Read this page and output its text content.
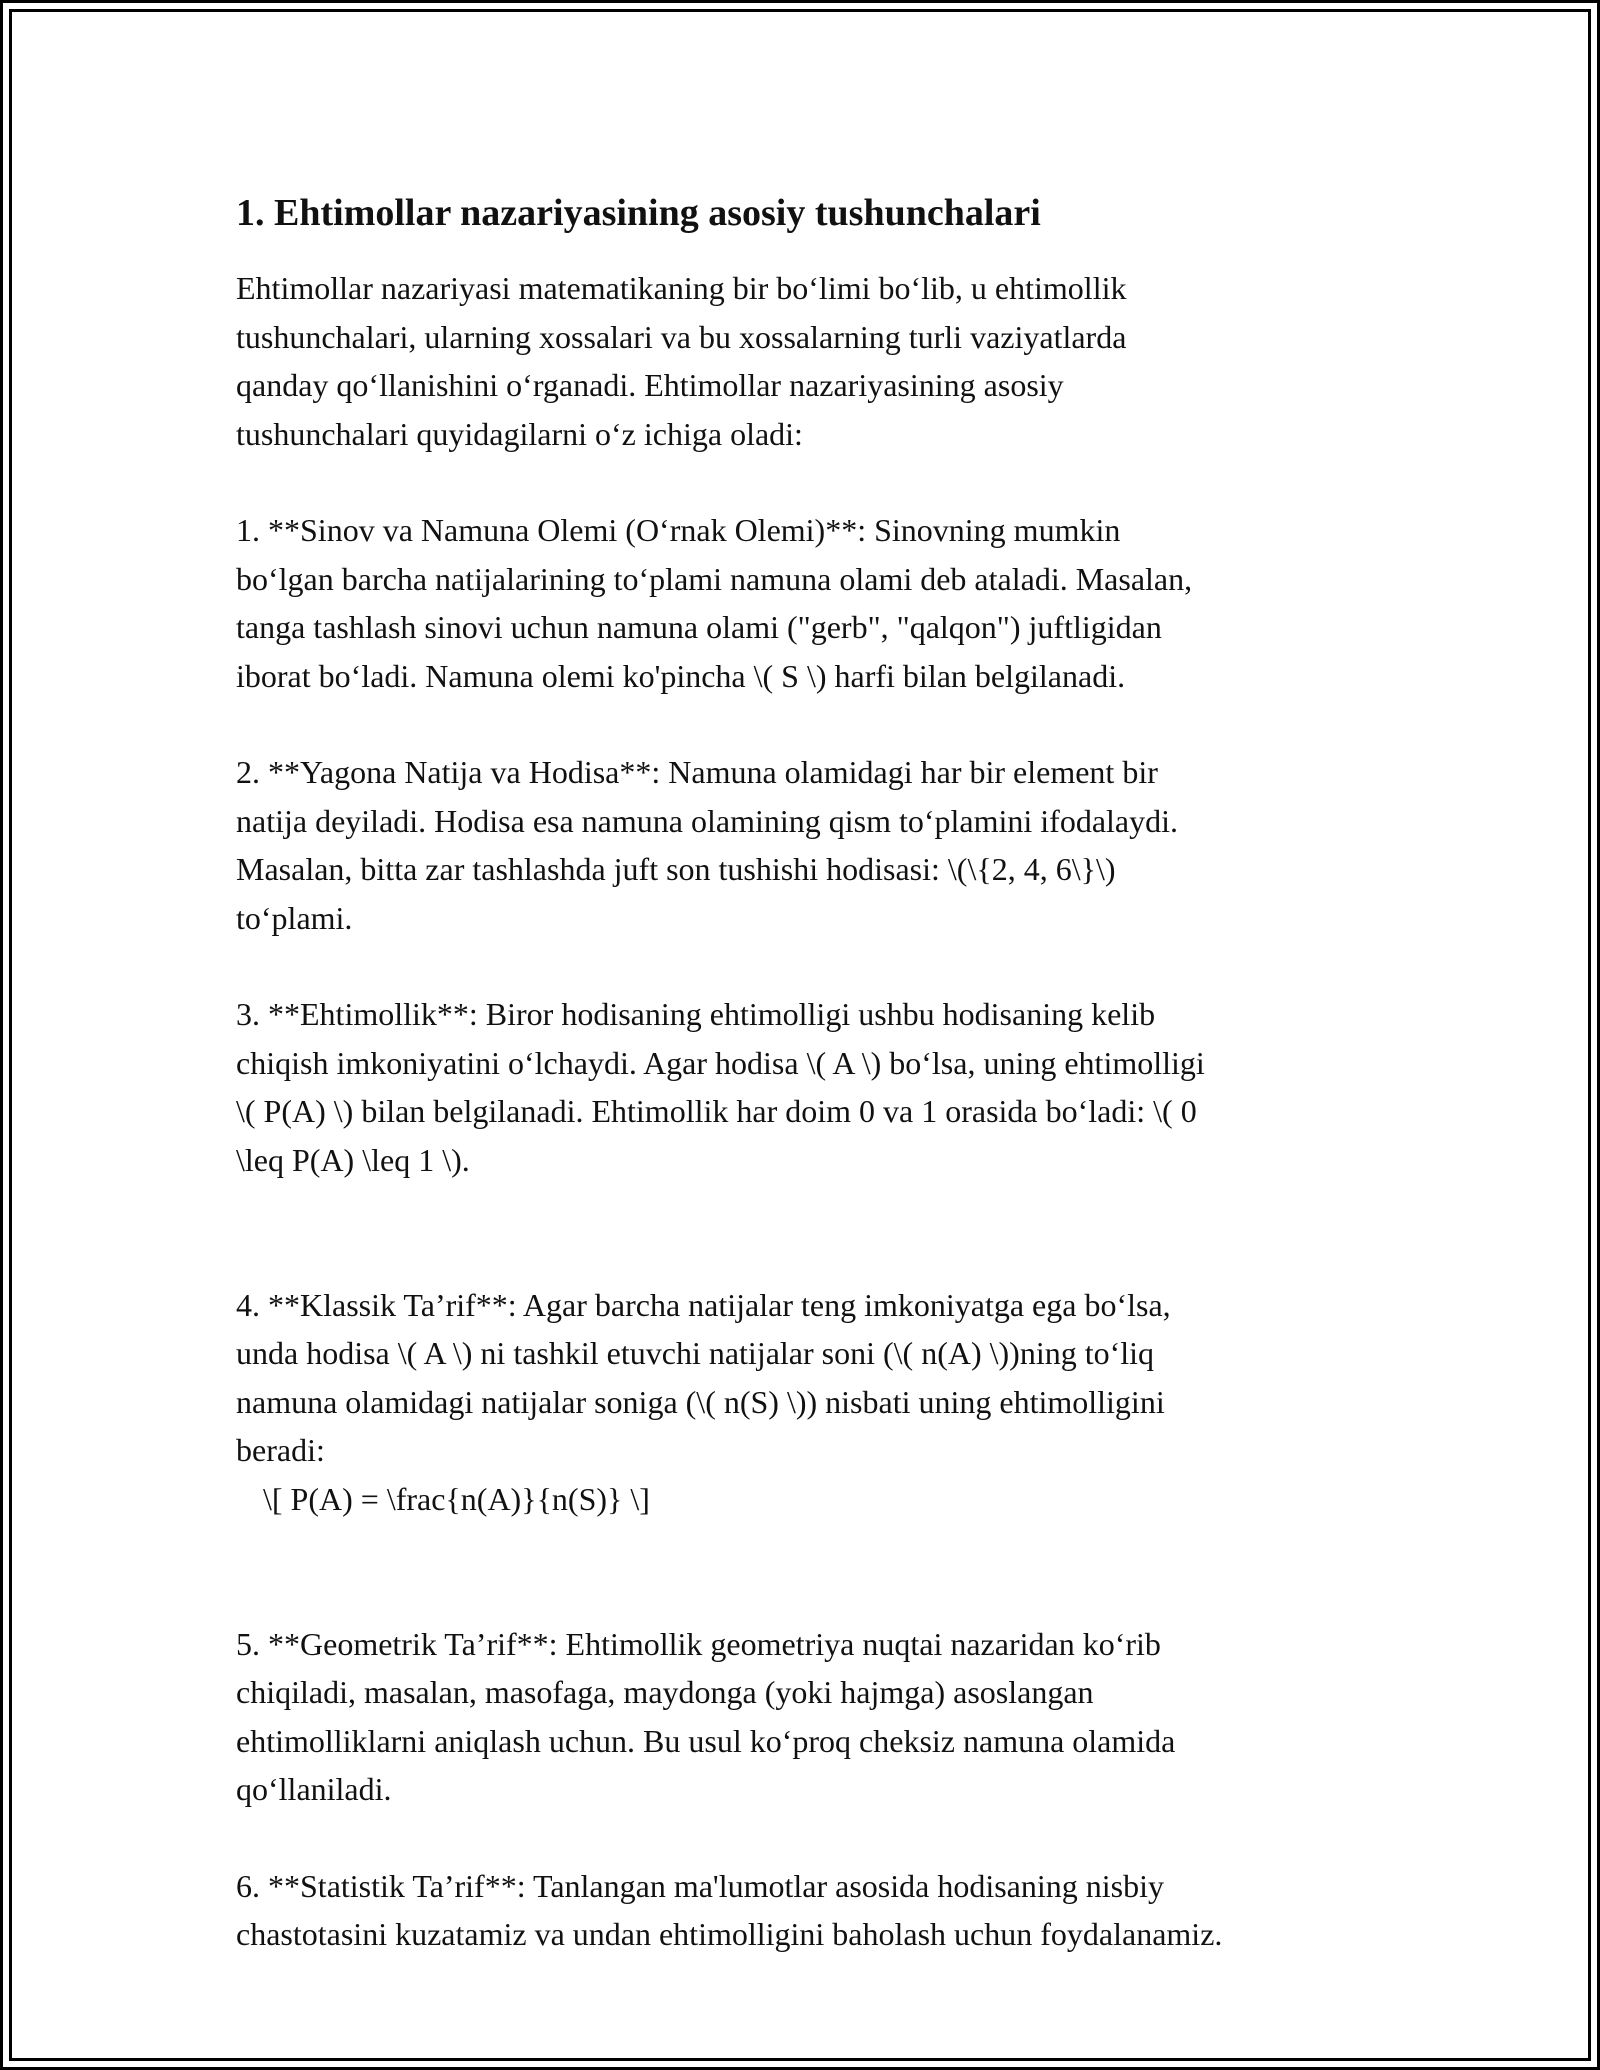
1. Ehtimollar nazariyasining asosiy tushunchalari

Ehtimollar nazariyasi matematikaning bir bo‘limi bo‘lib, u ehtimollik
tushunchalari, ularning xossalari va bu xossalarning turli vaziyatlarda
qanday qo‘llanishini o‘rganadi. Ehtimollar nazariyasining asosiy
tushunchalari quyidagilarni o‘z ichiga oladi:

1. **Sinov va Namuna Olemi (O‘rnak Olemi)**: Sinovning mumkin
bo‘lgan barcha natijalarining to‘plami namuna olami deb ataladi. Masalan,
tanga tashlash sinovi uchun namuna olami ("gerb", "qalqon") juftligidan
iborat bo‘ladi. Namuna olemi ko'pincha \( S \) harfi bilan belgilanadi.

2. **Yagona Natija va Hodisa**: Namuna olamidagi har bir element bir
natija deyiladi. Hodisa esa namuna olamining qism to‘plamini ifodalaydi.
Masalan, bitta zar tashlashda juft son tushishi hodisasi: \(\{2, 4, 6\}\)
to‘plami.

3. **Ehtimollik**: Biror hodisaning ehtimolligi ushbu hodisaning kelib
chiqish imkoniyatini o‘lchaydi. Agar hodisa \( A \) bo‘lsa, uning ehtimolligi
\( P(A) \) bilan belgilanadi. Ehtimollik har doim 0 va 1 orasida bo‘ladi: \( 0
\leq P(A) \leq 1 \).

4. **Klassik Ta’rif**: Agar barcha natijalar teng imkoniyatga ega bo‘lsa,
unda hodisa \( A \) ni tashkil etuvchi natijalar soni (\( n(A) \))ning to‘liq
namuna olamidagi natijalar soniga (\( n(S) \)) nisbati uning ehtimolligini
beradi:

\[ P(A) = \frac{n(A)}{n(S)} \]

5. **Geometrik Ta’rif**: Ehtimollik geometriya nuqtai nazaridan ko‘rib
chiqiladi, masalan, masofaga, maydonga (yoki hajmga) asoslangan
ehtimolliklarni aniqlash uchun. Bu usul ko‘proq cheksiz namuna olamida
qo‘llaniladi.

6. **Statistik Ta’rif**: Tanlangan ma'lumotlar asosida hodisaning nisbiy
chastotasini kuzatamiz va undan ehtimolligini baholash uchun foydalanamiz.
